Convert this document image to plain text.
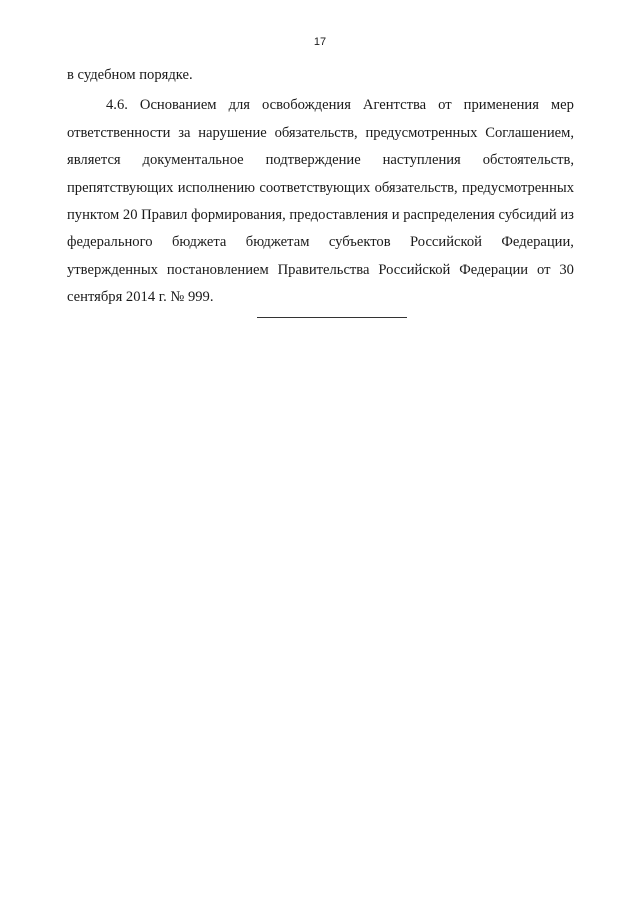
17
в судебном порядке.
4.6. Основанием для освобождения Агентства от применения мер
ответственности за нарушение обязательств, предусмотренных Соглашением,
является документальное подтверждение наступления обстоятельств,
препятствующих исполнению соответствующих обязательств, предусмотренных
пунктом 20 Правил формирования, предоставления и распределения субсидий из
федерального бюджета бюджетам субъектов Российской Федерации,
утвержденных постановлением Правительства Российской Федерации от 30
сентября 2014 г. № 999.
